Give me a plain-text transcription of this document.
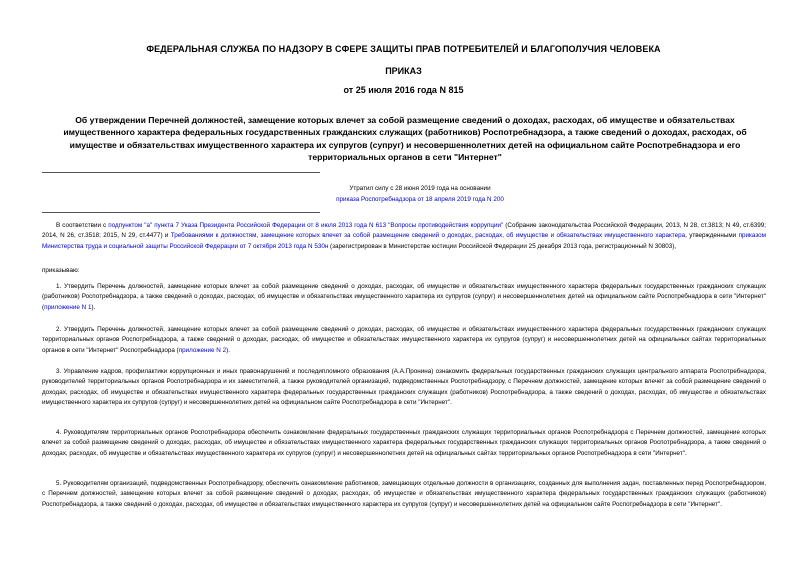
ФЕДЕРАЛЬНАЯ СЛУЖБА ПО НАДЗОРУ В СФЕРЕ ЗАЩИТЫ ПРАВ ПОТРЕБИТЕЛЕЙ И БЛАГОПОЛУЧИЯ ЧЕЛОВЕКА
ПРИКАЗ
от 25 июля 2016 года N 815
Об утверждении Перечней должностей, замещение которых влечет за собой размещение сведений о доходах, расходах, об имуществе и обязательствах имущественного характера федеральных государственных гражданских служащих (работников) Роспотребнадзора, а также сведений о доходах, расходах, об имуществе и обязательствах имущественного характера их супругов (супруг) и несовершеннолетних детей на официальном сайте Роспотребнадзора и его территориальных органов в сети "Интернет"
Утратил силу с 28 июня 2019 года на основании
приказа Роспотребнадзора от 18 апреля 2019 года N 200

В соответствии с подпунктом "а" пункта 7 Указа Президента Российской Федерации от 8 июля 2013 года N 613 "Вопросы противодействия коррупции" (Собрание законодательства Российской Федерации, 2013, N 28, ст.3813; N 49, ст.6399; 2014, N 26, ст.3518; 2015, N 29, ст.4477) и Требованиями к должностям, замещение которых влечет за собой размещение сведений о доходах, расходах, об имуществе и обязательствах имущественного характера, утвержденными приказом Министерства труда и социальной защиты Российской Федерации от 7 октября 2013 года N 530н (зарегистрирован в Министерстве юстиции Российской Федерации 25 декабря 2013 года, регистрационный N 30803),

приказываю:

1. Утвердить Перечень должностей, замещение которых влечет за собой размещение сведений о доходах, расходах, об имуществе и обязательствах имущественного характера федеральных государственных гражданских служащих (работников) Роспотребнадзора, а также сведений о доходах, расходах, об имуществе и обязательствах имущественного характера их супругов (супруг) и несовершеннолетних детей на официальном сайте Роспотребнадзора в сети "Интернет" (приложение N 1).

2. Утвердить Перечень должностей, замещение которых влечет за собой размещение сведений о доходах, расходах, об имуществе и обязательствах имущественного характера федеральных государственных гражданских служащих территориальных органов Роспотребнадзора, а также сведений о доходах, расходах, об имуществе и обязательствах имущественного характера их супругов (супруг) и несовершеннолетних детей на официальных сайтах территориальных органов в сети "Интернет" Роспотребнадзора (приложение N 2).

3. Управление кадров, профилактики коррупционных и иных правонарушений и последипломного образования (А.А.Пронина) ознакомить федеральных государственных гражданских служащих центрального аппарата Роспотребнадзора, руководителей территориальных органов Роспотребнадзора и их заместителей, а также руководителей организаций, подведомственных Роспотребнадзору, с Перечнем должностей, замещение которых влечет за собой размещение сведений о доходах, расходах, об имуществе и обязательствах имущественного характера федеральных государственных гражданских служащих (работников) Роспотребнадзора, а также сведений о доходах, расходах, об имуществе и обязательствах имущественного характера их супругов (супруг) и несовершеннолетних детей на официальном сайте Роспотребнадзора в сети "Интернет".

4. Руководителям территориальных органов Роспотребнадзора обеспечить ознакомление федеральных государственных гражданских служащих территориальных органов Роспотребнадзора с Перечнем должностей, замещение которых влечет за собой размещение сведений о доходах, расходах, об имуществе и обязательствах имущественного характера федеральных государственных гражданских служащих территориальных органов Роспотребнадзора, а также сведений о доходах, расходах, об имуществе и обязательствах имущественного характера их супругов (супруг) и несовершеннолетних детей на официальных сайтах территориальных органов Роспотребнадзора в сети "Интернет".

5. Руководителям организаций, подведомственных Роспотребнадзору, обеспечить ознакомление работников, замещающих отдельные должности в организациях, созданных для выполнения задач, поставленных перед Роспотребнадзором, с Перечнем должностей, замещение которых влечет за собой размещение сведений о доходах, расходах, об имуществе и обязательствах имущественного характера федеральных государственных гражданских служащих (работников) Роспотребнадзора, а также сведений о доходах, расходах, об имуществе и обязательствах имущественного характера их супругов (супруг) и несовершеннолетних детей на официальном сайте Роспотребнадзора в сети "Интернет".
